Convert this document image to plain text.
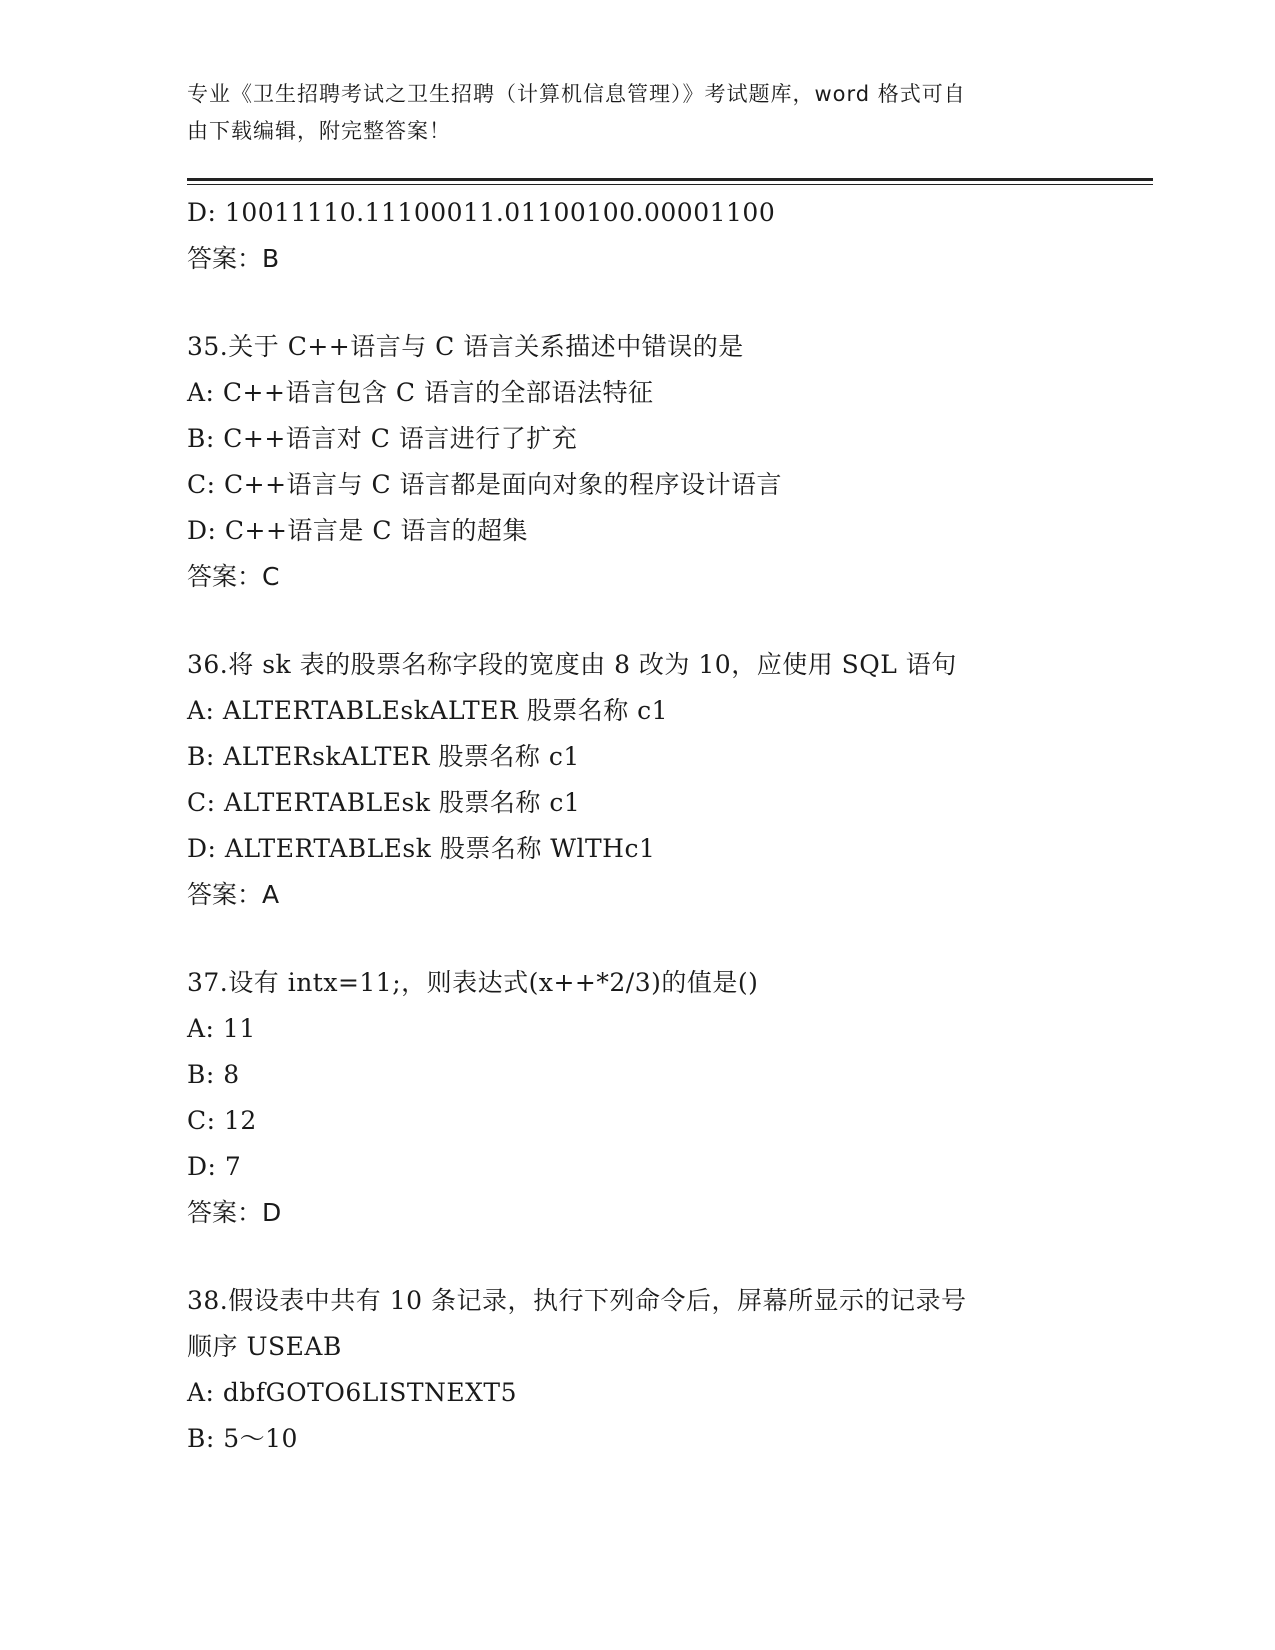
专业《卫生招聘考试之卫生招聘（计算机信息管理）》考试题库，word 格式可自
由下载编辑，附完整答案！
D: 10011110.11100011.01100100.00001100
答案：B
35.关于 C++语言与 C 语言关系描述中错误的是
A: C++语言包含 C 语言的全部语法特征
B: C++语言对 C 语言进行了扩充
C: C++语言与 C 语言都是面向对象的程序设计语言
D: C++语言是 C 语言的超集
答案：C
36.将 sk 表的股票名称字段的宽度由 8 改为 10，应使用 SQL 语句
A: ALTERTABLEskALTER 股票名称 c1
B: ALTERskALTER 股票名称 c1
C: ALTERTABLEsk 股票名称 c1
D: ALTERTABLEsk 股票名称 WlTHc1
答案：A
37.设有 intx=11;，则表达式(x++*2/3)的值是()
A: 11
B: 8
C: 12
D: 7
答案：D
38.假设表中共有 10 条记录，执行下列命令后，屏幕所显示的记录号
顺序 USEAB
A: dbfGOTO6LISTNEXT5
B: 5～10
